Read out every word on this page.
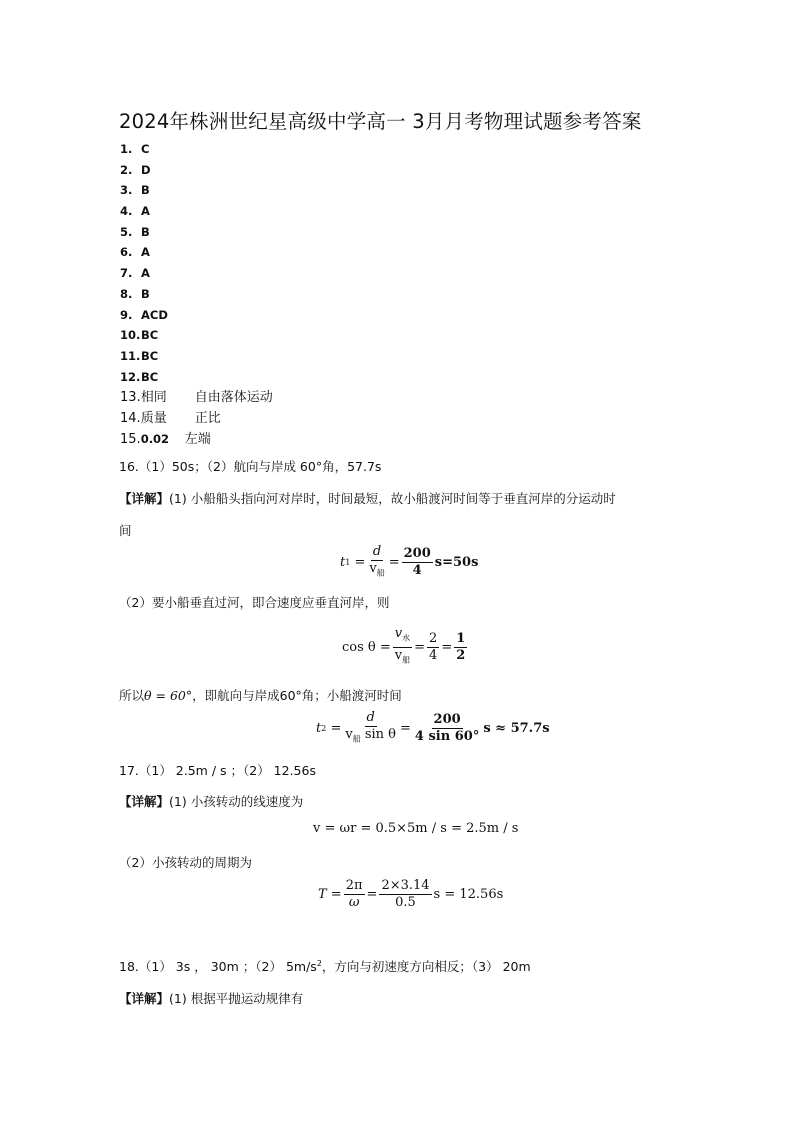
2024年株洲世纪星高级中学高一 3月月考物理试题参考答案
1. C
2. D
3. B
4. A
5. B
6. A
7. A
8. B
9. ACD
10.BC
11.BC
12.BC
13.相同 自由落体运动
14.质量 正比
15.0.02 左端
16.（1）50s；（2）航向与岸成 60°角，57.7s
【详解】(1) 小船船头指向河对岸时，时间最短，故小船渡河时间等于垂直河岸的分运动时
间
t $1 = \frac{d}{v_船} = \frac{200}{4} s=50s$
（2）要小船垂直过河，即合速度应垂直河岸，则
$\cos \theta = \frac{v_水}{v_船} = \frac{2}{4} = \frac{1}{2}$
所以θ = 60°，即航向与岸成60°角；小船渡河时间
t $2 = \frac{d}{v_船 \sin \theta} = \frac{200}{4 \sin 60^\circ}$ s ≈ 57.7s
17.（1） 2.5m / s ；（2） 12.56s
【详解】(1) 小孩转动的线速度为
v = ωr = 0.5×5m / s = 2.5m / s
（2）小孩转动的周期为
$T = \frac{2\pi}{\omega} = \frac{2\times 3.14}{0.5}$ s = 12.56s
18.（1） 3s ， 30m ；（2） $5m/s^2$，方向与初速度方向相反；（3） 20m
【详解】(1) 根据平抛运动规律有
